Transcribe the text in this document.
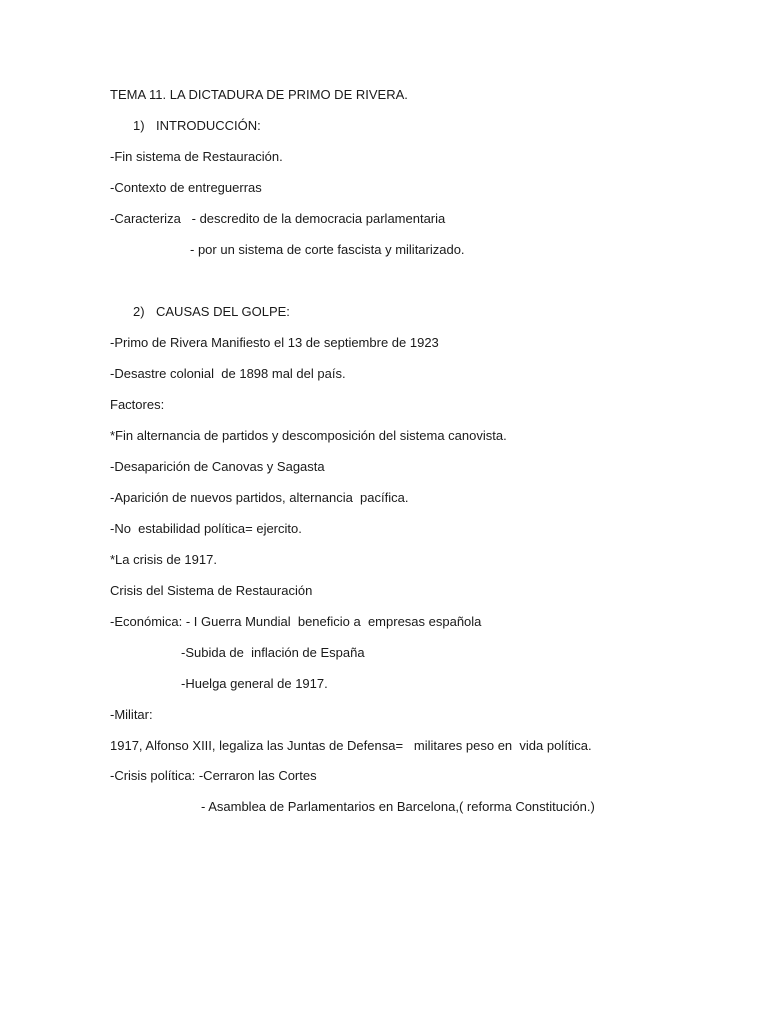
TEMA 11. LA DICTADURA DE PRIMO DE RIVERA.
1) INTRODUCCIÓN:
-Fin sistema de Restauración.
-Contexto de entreguerras
-Caracteriza   - descredito de la democracia parlamentaria
- por un sistema de corte fascista y militarizado.
2) CAUSAS DEL GOLPE:
-Primo de Rivera Manifiesto el 13 de septiembre de 1923
-Desastre colonial  de 1898 mal del país.
Factores:
*Fin alternancia de partidos y descomposición del sistema canovista.
-Desaparición de Canovas y Sagasta
-Aparición de nuevos partidos, alternancia  pacífica.
-No  estabilidad política= ejercito.
*La crisis de 1917.
Crisis del Sistema de Restauración
-Económica: - I Guerra Mundial  beneficio a  empresas española
-Subida de  inflación de España
-Huelga general de 1917.
-Militar:
1917, Alfonso XIII, legaliza las Juntas de Defensa=   militares peso en  vida política.
-Crisis política: -Cerraron las Cortes
- Asamblea de Parlamentarios en Barcelona,( reforma Constitución.)
